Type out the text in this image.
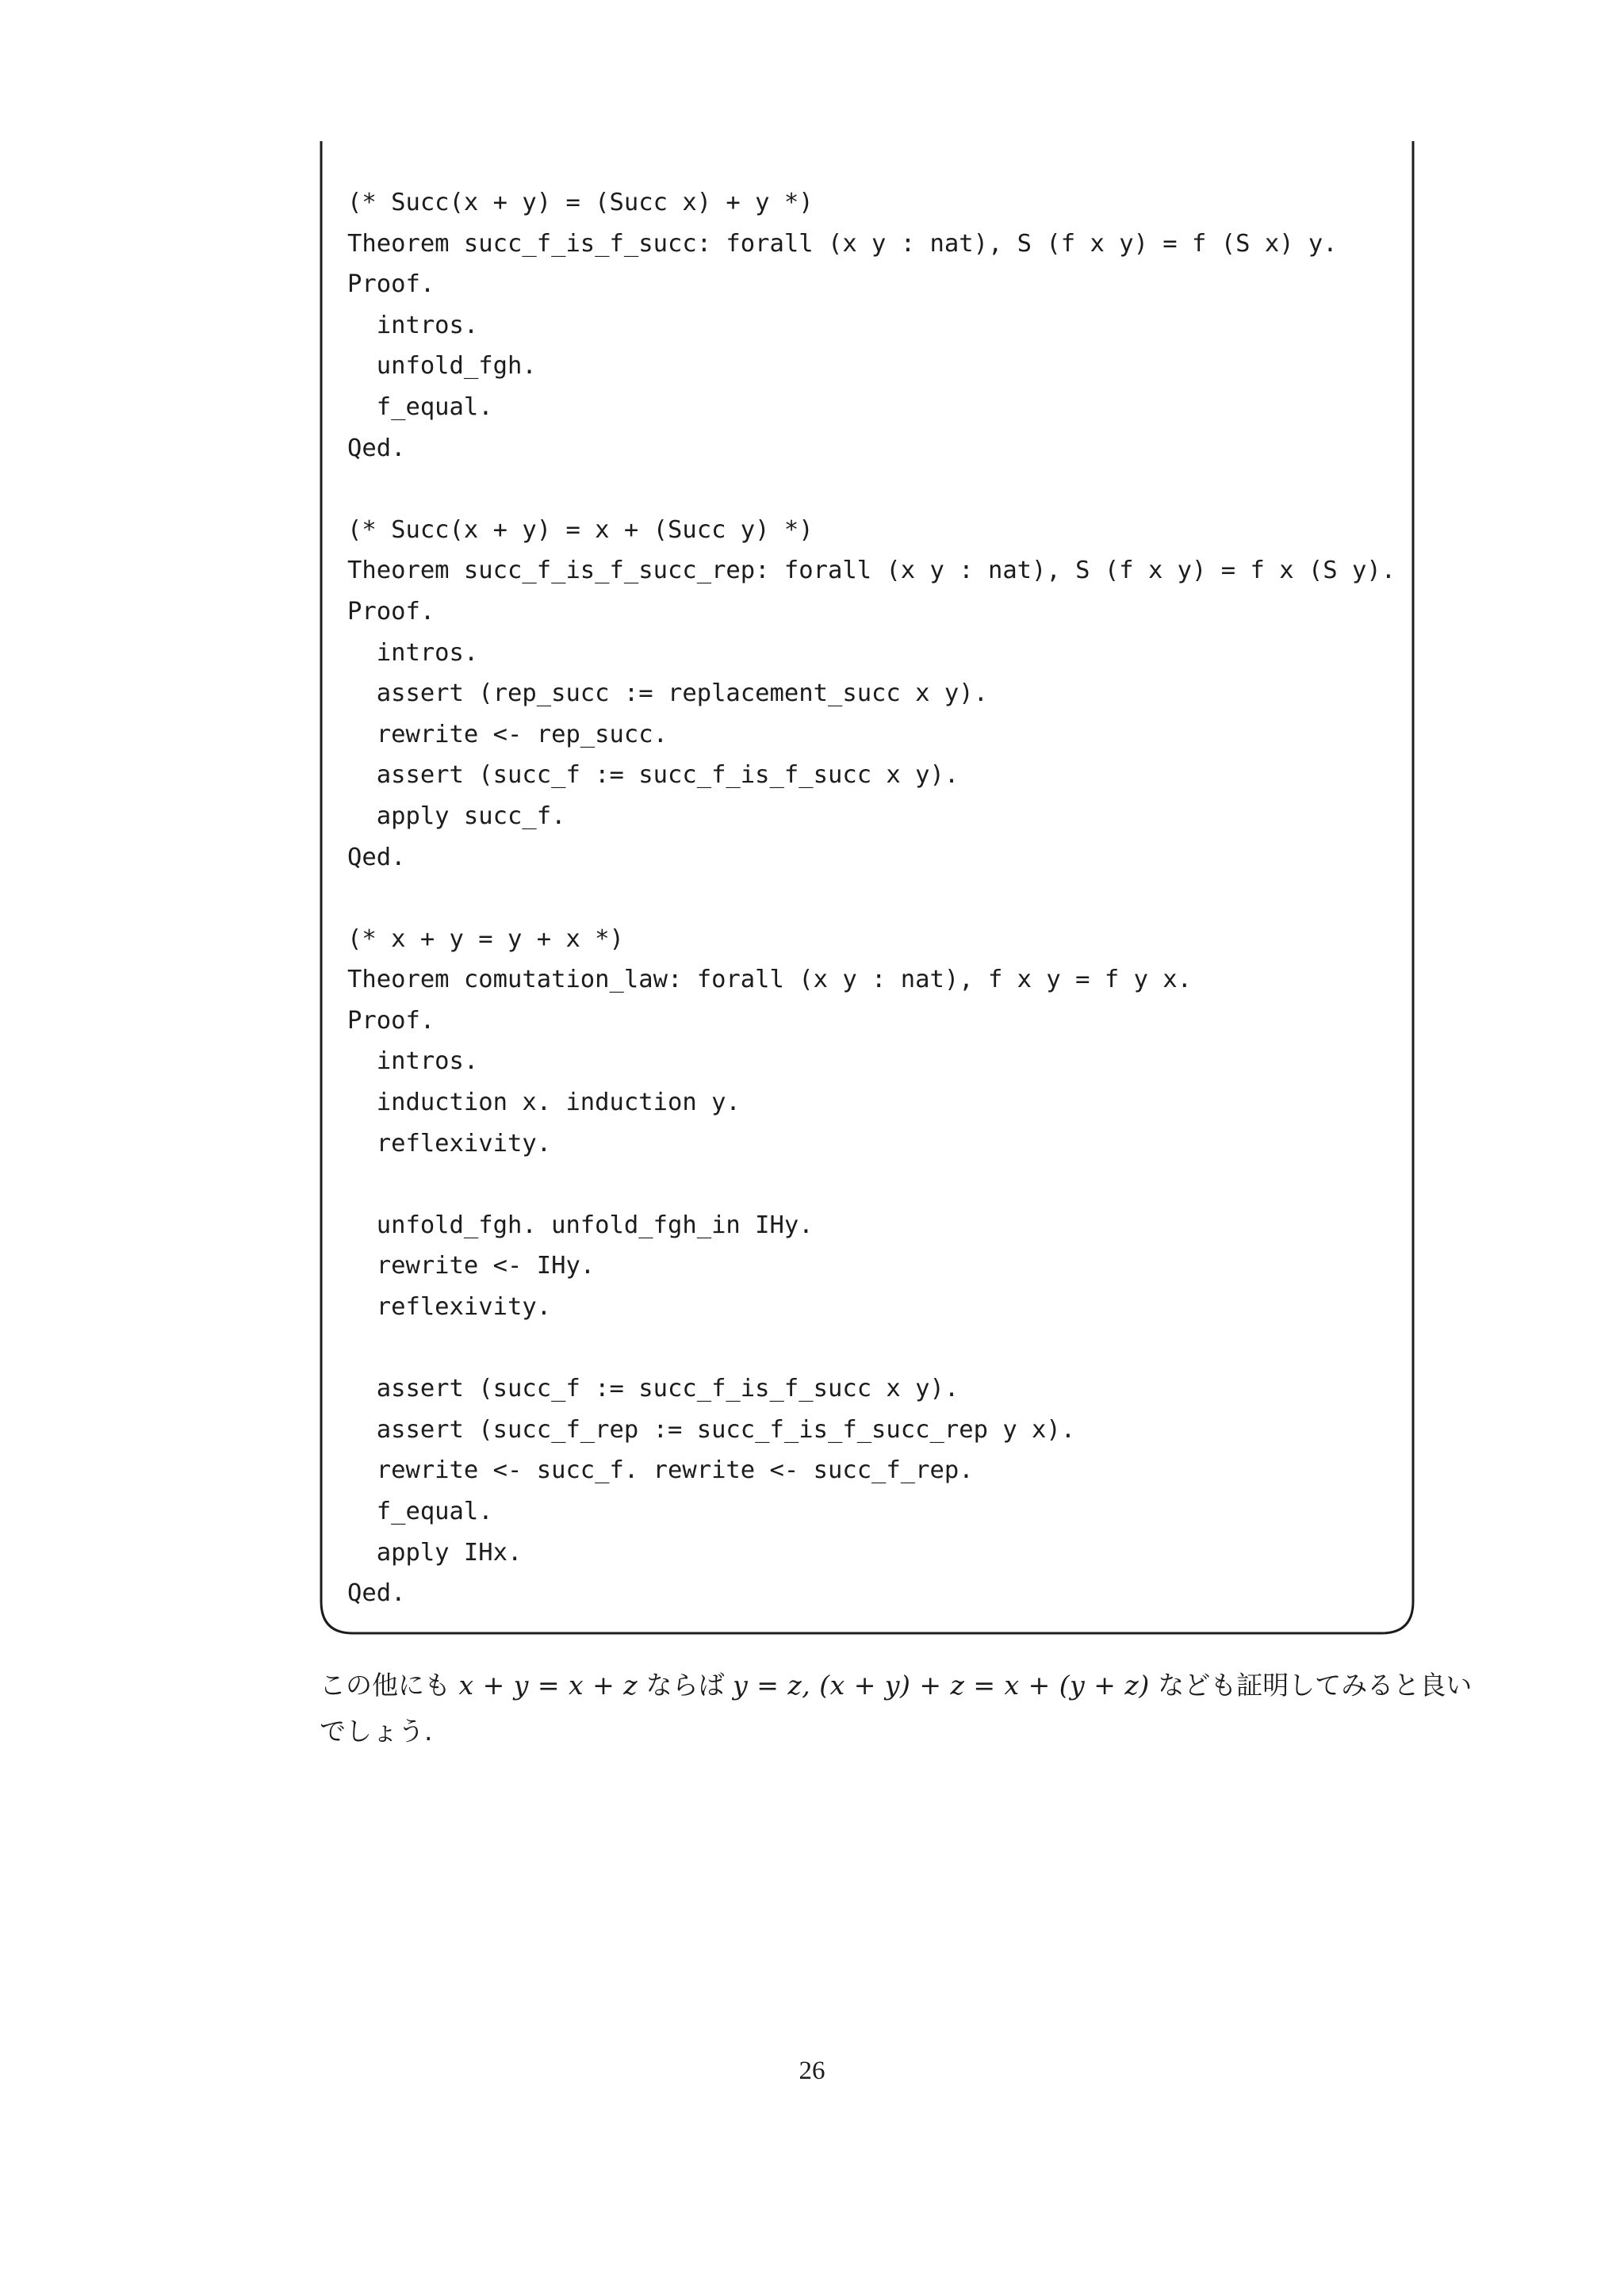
(* Succ(x + y) = (Succ x) + y *)
Theorem succ_f_is_f_succ: forall (x y : nat), S (f x y) = f (S x) y.
Proof.
intros.
unfold_fgh.
f_equal.
Qed.
(* Succ(x + y) = x + (Succ y) *)
Theorem succ_f_is_f_succ_rep: forall (x y : nat), S (f x y) = f x (S y).
Proof.
intros.
assert (rep_succ := replacement_succ x y).
rewrite <- rep_succ.
assert (succ_f := succ_f_is_f_succ x y).
apply succ_f.
Qed.
(* x + y = y + x *)
Theorem comutation_law: forall (x y : nat), f x y = f y x.
Proof.
intros.
induction x. induction y.
reflexivity.
unfold_fgh. unfold_fgh_in IHy.
rewrite <- IHy.
reflexivity.
assert (succ_f := succ_f_is_f_succ x y).
assert (succ_f_rep := succ_f_is_f_succ_rep y x).
rewrite <- succ_f. rewrite <- succ_f_rep.
f_equal.
apply IHx.
Qed.

この他にも x + y = x + z ならば y = z, (x + y) + z = x + (y + z) なども証明してみると良い

でしょう.

26
